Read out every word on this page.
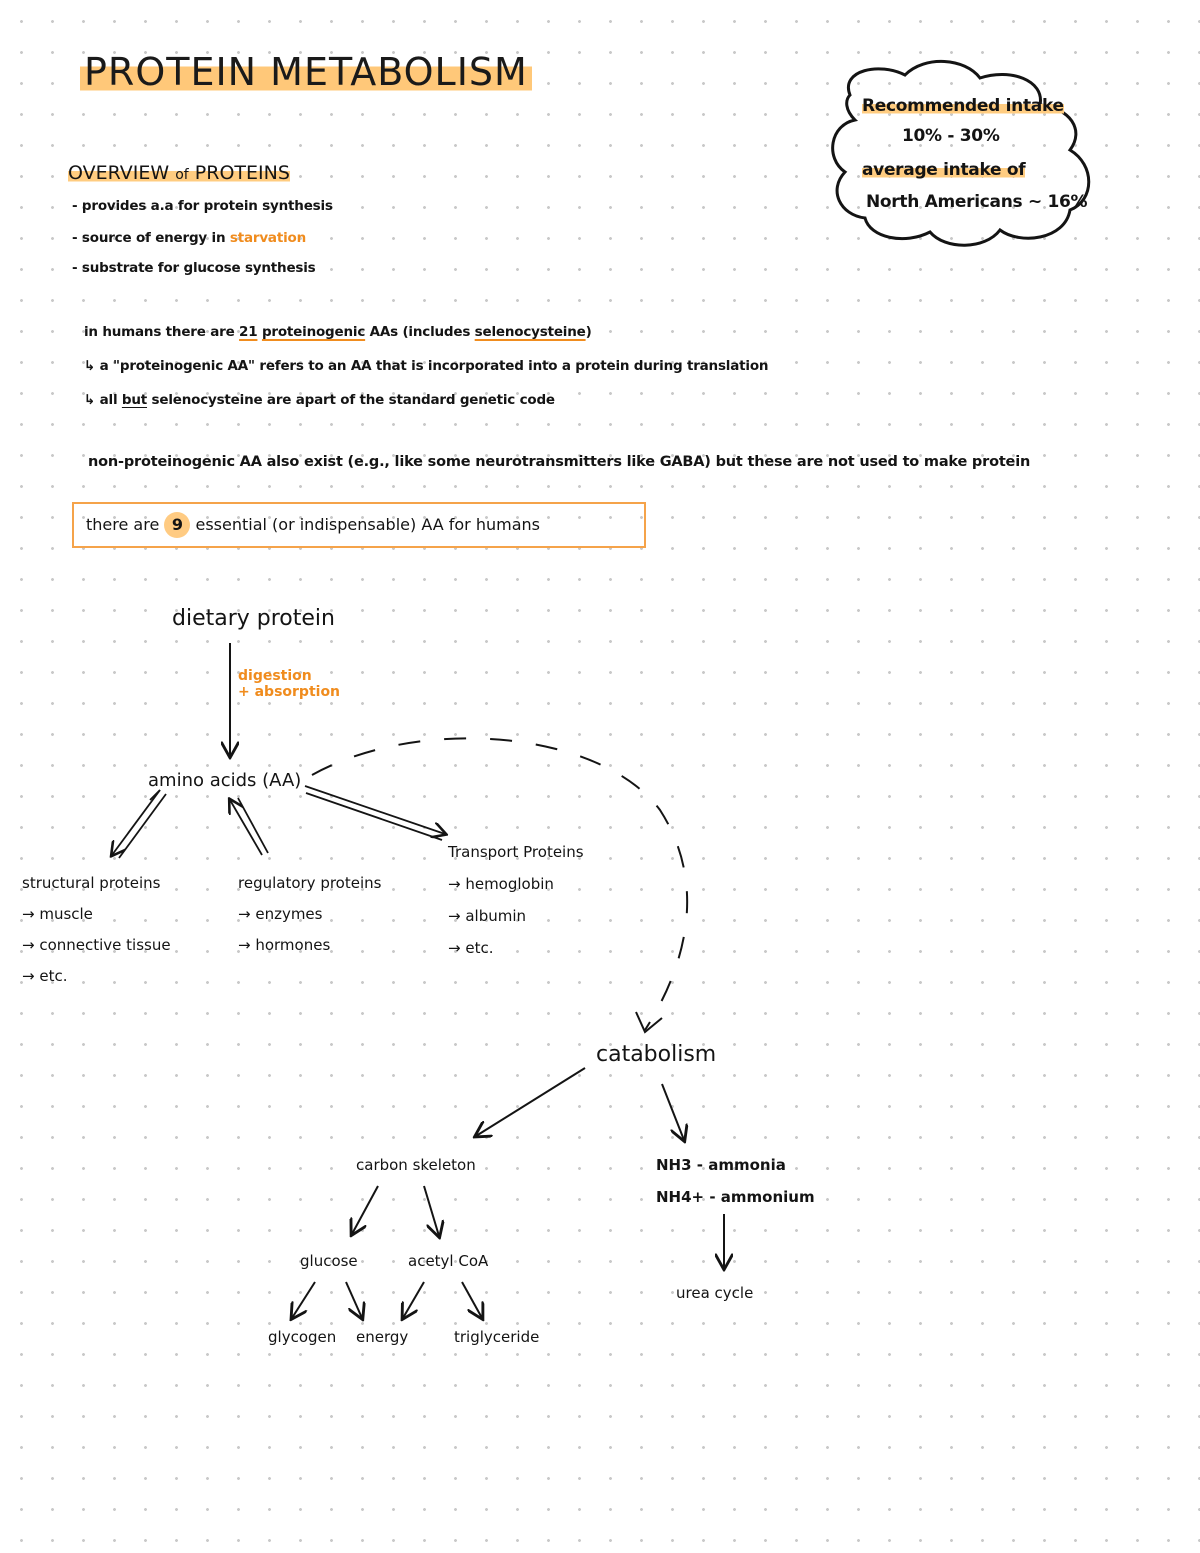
PROTEIN METABOLISM
Recommended intake
10% - 30%
average intake of
North Americans ~ 16%
OVERVIEW of PROTEINS
- provides a.a for protein synthesis
- source of energy in starvation
- substrate for glucose synthesis
in humans there are 21 proteinogenic AAs (includes selenocysteine)
↳ a "proteinogenic AA" refers to an AA that is incorporated into a protein during translation
↳ all but selenocysteine are apart of the standard genetic code
non-proteinogenic AA also exist (e.g., like some neurotransmitters like GABA) but these are not used to make protein
there are 9 essential (or indispensable) AA for humans
dietary protein
digestion
+ absorption
amino acids (AA)
structural proteins
→ muscle
→ connective tissue
→ etc.
regulatory proteins
→ enzymes
→ hormones
Transport Proteins
→ hemoglobin
→ albumin
→ etc.
catabolism
carbon skeleton	NH3 - ammonia
NH4+ - ammonium
urea cycle
glucose	acetyl CoA
glycogen energy	triglyceride
